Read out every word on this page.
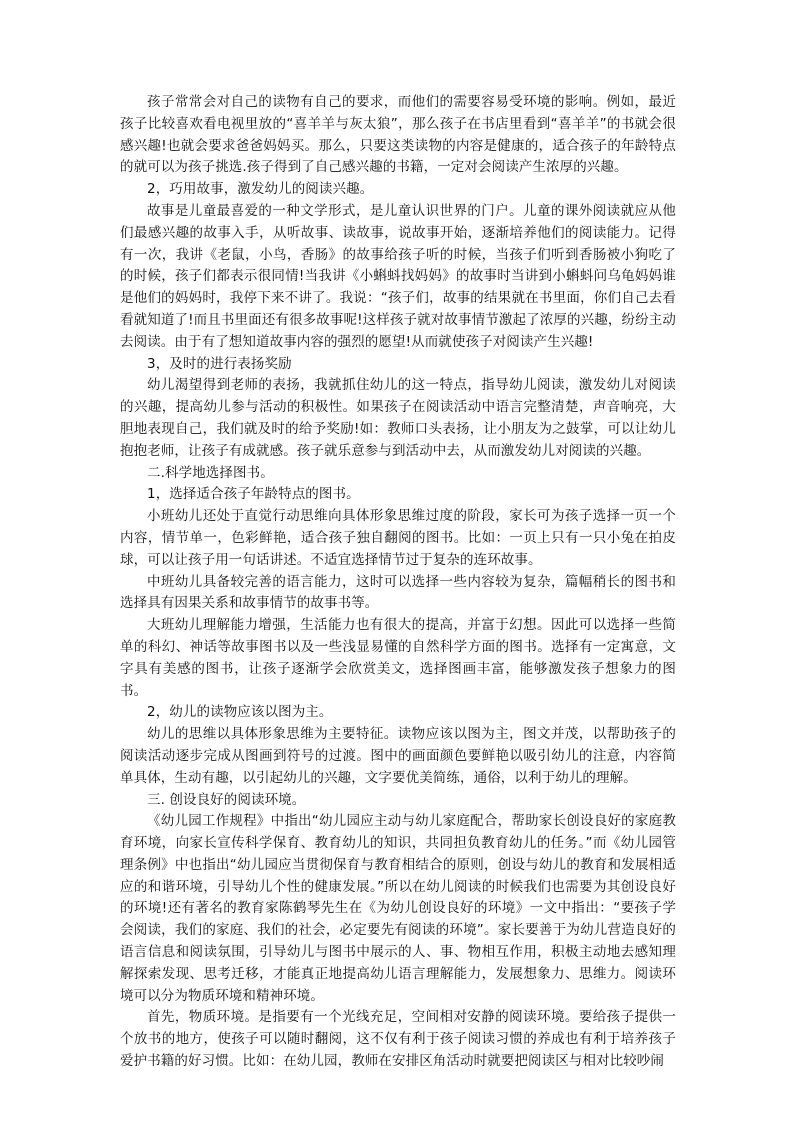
孩子常常会对自己的读物有自己的要求，而他们的需要容易受环境的影响。例如，最近孩子比较喜欢看电视里放的“喜羊羊与灰太狼”，那么孩子在书店里看到“喜羊羊”的书就会很感兴趣!也就会要求爸爸妈妈买。那么，只要这类读物的内容是健康的，适合孩子的年龄特点的就可以为孩子挑选.孩子得到了自己感兴趣的书籍，一定对会阅读产生浓厚的兴趣。

2，巧用故事，激发幼儿的阅读兴趣。

故事是儿童最喜爱的一种文学形式，是儿童认识世界的门户。儿童的课外阅读就应从他们最感兴趣的故事入手，从听故事、读故事，说故事开始，逐渐培养他们的阅读能力。记得有一次，我讲《老鼠，小鸟，香肠》的故事给孩子听的时候，当孩子们听到香肠被小狗吃了的时候，孩子们都表示很同情!当我讲《小蝌蚪找妈妈》的故事时当讲到小蝌蚪问乌龟妈妈谁是他们的妈妈时，我停下来不讲了。我说：“孩子们，故事的结果就在书里面，你们自己去看看就知道了!而且书里面还有很多故事呢!这样孩子就对故事情节激起了浓厚的兴趣，纷纷主动去阅读。由于有了想知道故事内容的强烈的愿望!从而就使孩子对阅读产生兴趣!

3，及时的进行表扬奖励

幼儿渴望得到老师的表扬，我就抓住幼儿的这一特点，指导幼儿阅读，激发幼儿对阅读的兴趣，提高幼儿参与活动的积极性。如果孩子在阅读活动中语言完整清楚，声音响亮，大胆地表现自己，我们就及时的给予奖励!如：教师口头表扬，让小朋友为之鼓掌，可以让幼儿抱抱老师，让孩子有成就感。孩子就乐意参与到活动中去，从而激发幼儿对阅读的兴趣。

二.科学地选择图书。

1，选择适合孩子年龄特点的图书。

小班幼儿还处于直觉行动思维向具体形象思维过度的阶段，家长可为孩子选择一页一个内容，情节单一，色彩鲜艳，适合孩子独自翻阅的图书。比如：一页上只有一只小兔在拍皮球，可以让孩子用一句话讲述。不适宜选择情节过于复杂的连环故事。

中班幼儿具备较完善的语言能力，这时可以选择一些内容较为复杂，篇幅稍长的图书和选择具有因果关系和故事情节的故事书等。

大班幼儿理解能力增强，生活能力也有很大的提高，并富于幻想。因此可以选择一些简单的科幻、神话等故事图书以及一些浅显易懂的自然科学方面的图书。选择有一定寓意，文字具有美感的图书，让孩子逐渐学会欣赏美文，选择图画丰富，能够激发孩子想象力的图书。

2，幼儿的读物应该以图为主。

幼儿的思维以具体形象思维为主要特征。读物应该以图为主，图文并茂，以帮助孩子的阅读活动逐步完成从图画到符号的过渡。图中的画面颜色要鲜艳以吸引幼儿的注意，内容简单具体，生动有趣，以引起幼儿的兴趣，文字要优美简练，通俗，以利于幼儿的理解。

三. 创设良好的阅读环境。

《幼儿园工作规程》中指出“幼儿园应主动与幼儿家庭配合，帮助家长创设良好的家庭教育环境，向家长宣传科学保育、教育幼儿的知识，共同担负教育幼儿的任务。”而《幼儿园管理条例》中也指出“幼儿园应当贯彻保育与教育相结合的原则，创设与幼儿的教育和发展相适应的和谐环境，引导幼儿个性的健康发展。”所以在幼儿阅读的时候我们也需要为其创设良好的环境!还有著名的教育家陈鹤琴先生在《为幼儿创设良好的环境》一文中指出：“要孩子学会阅读，我们的家庭、我们的社会，必定要先有阅读的环境”。家长要善于为幼儿营造良好的语言信息和阅读氛围，引导幼儿与图书中展示的人、事、物相互作用，积极主动地去感知理解探索发现、思考迁移，才能真正地提高幼儿语言理解能力，发展想象力、思维力。阅读环境可以分为物质环境和精神环境。

首先，物质环境。是指要有一个光线充足，空间相对安静的阅读环境。要给孩子提供一个放书的地方，使孩子可以随时翻阅，这不仅有利于孩子阅读习惯的养成也有利于培养孩子爱护书籍的好习惯。比如：在幼儿园，教师在安排区角活动时就要把阅读区与相对比较吵闹
